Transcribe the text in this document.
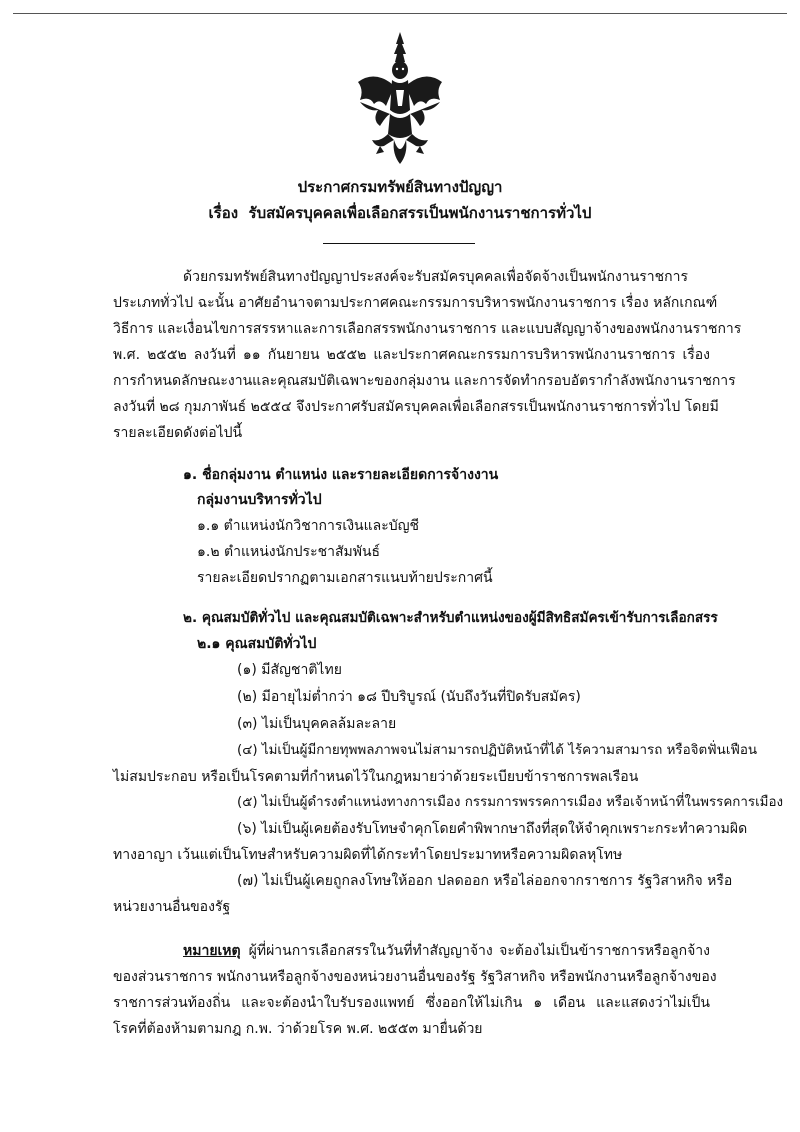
ประกาศกรมทรัพย์สินทางปัญญา
เรื่อง รับสมัครบุคคลเพื่อเลือกสรรเป็นพนักงานราชการทั่วไป
ด้วยกรมทรัพย์สินทางปัญญาประสงค์จะรับสมัครบุคคลเพื่อจัดจ้างเป็นพนักงานราชการ
ประเภททั่วไป ฉะนั้น อาศัยอำนาจตามประกาศคณะกรรมการบริหารพนักงานราชการ เรื่อง หลักเกณฑ์
วิธีการ และเงื่อนไขการสรรหาและการเลือกสรรพนักงานราชการ และแบบสัญญาจ้างของพนักงานราชการ
พ.ศ. ๒๕๕๒ ลงวันที่ ๑๑ กันยายน ๒๕๕๒ และประกาศคณะกรรมการบริหารพนักงานราชการ เรื่อง
การกำหนดลักษณะงานและคุณสมบัติเฉพาะของกลุ่มงาน และการจัดทำกรอบอัตรากำลังพนักงานราชการ
ลงวันที่ ๒๘ กุมภาพันธ์ ๒๕๕๔ จึงประกาศรับสมัครบุคคลเพื่อเลือกสรรเป็นพนักงานราชการทั่วไป โดยมี
รายละเอียดดังต่อไปนี้
๑. ชื่อกลุ่มงาน ตำแหน่ง และรายละเอียดการจ้างงาน
กลุ่มงานบริหารทั่วไป
๑.๑ ตำแหน่งนักวิชาการเงินและบัญชี
๑.๒ ตำแหน่งนักประชาสัมพันธ์
รายละเอียดปรากฏตามเอกสารแนบท้ายประกาศนี้
๒. คุณสมบัติทั่วไป และคุณสมบัติเฉพาะสำหรับตำแหน่งของผู้มีสิทธิสมัครเข้ารับการเลือกสรร
๒.๑ คุณสมบัติทั่วไป
(๑) มีสัญชาติไทย
(๒) มีอายุไม่ต่ำกว่า ๑๘ ปีบริบูรณ์ (นับถึงวันที่ปิดรับสมัคร)
(๓) ไม่เป็นบุคคลล้มละลาย
(๔) ไม่เป็นผู้มีกายทุพพลภาพจนไม่สามารถปฏิบัติหน้าที่ได้ ไร้ความสามารถ หรือจิตฟั่นเฟือน
ไม่สมประกอบ หรือเป็นโรคตามที่กำหนดไว้ในกฎหมายว่าด้วยระเบียบข้าราชการพลเรือน
(๕) ไม่เป็นผู้ดำรงตำแหน่งทางการเมือง กรรมการพรรคการเมือง หรือเจ้าหน้าที่ในพรรคการเมือง
(๖) ไม่เป็นผู้เคยต้องรับโทษจำคุกโดยคำพิพากษาถึงที่สุดให้จำคุกเพราะกระทำความผิด
ทางอาญา เว้นแต่เป็นโทษสำหรับความผิดที่ได้กระทำโดยประมาทหรือความผิดลหุโทษ
(๗) ไม่เป็นผู้เคยถูกลงโทษให้ออก ปลดออก หรือไล่ออกจากราชการ รัฐวิสาหกิจ หรือ
หน่วยงานอื่นของรัฐ
หมายเหตุ ผู้ที่ผ่านการเลือกสรรในวันที่ทำสัญญาจ้าง จะต้องไม่เป็นข้าราชการหรือลูกจ้าง
ของส่วนราชการ พนักงานหรือลูกจ้างของหน่วยงานอื่นของรัฐ รัฐวิสาหกิจ หรือพนักงานหรือลูกจ้างของ
ราชการส่วนท้องถิ่น และจะต้องนำใบรับรองแพทย์ ซึ่งออกให้ไม่เกิน ๑ เดือน และแสดงว่าไม่เป็น
โรคที่ต้องห้ามตามกฎ ก.พ. ว่าด้วยโรค พ.ศ. ๒๕๕๓ มายื่นด้วย
